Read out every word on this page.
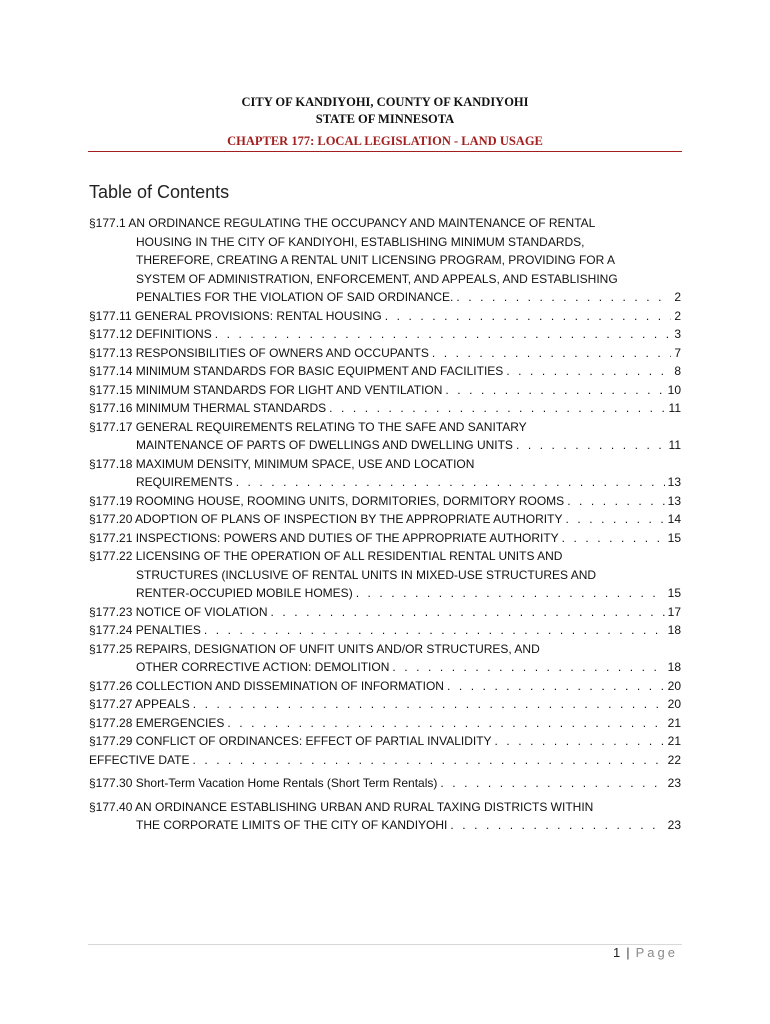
CITY OF KANDIYOHI, COUNTY OF KANDIYOHI
STATE OF MINNESOTA
CHAPTER 177: LOCAL LEGISLATION - LAND USAGE
Table of Contents
§177.1 AN ORDINANCE REGULATING THE OCCUPANCY AND MAINTENANCE OF RENTAL
HOUSING IN THE CITY OF KANDIYOHI, ESTABLISHING MINIMUM STANDARDS,
THEREFORE, CREATING A RENTAL UNIT LICENSING PROGRAM, PROVIDING FOR A
SYSTEM OF ADMINISTRATION, ENFORCEMENT, AND APPEALS, AND ESTABLISHING
PENALTIES FOR THE VIOLATION OF SAID ORDINANCE. . . .	2
§177.11 GENERAL PROVISIONS: RENTAL HOUSING . . .	2
§177.12 DEFINITIONS . . .	3
§177.13 RESPONSIBILITIES OF OWNERS AND OCCUPANTS . . .	7
§177.14 MINIMUM STANDARDS FOR BASIC EQUIPMENT AND FACILITIES . . .	8
§177.15 MINIMUM STANDARDS FOR LIGHT AND VENTILATION . . .	10
§177.16 MINIMUM THERMAL STANDARDS . . .	11
§177.17 GENERAL REQUIREMENTS RELATING TO THE SAFE AND SANITARY
MAINTENANCE OF PARTS OF DWELLINGS AND DWELLING UNITS . . .	11
§177.18 MAXIMUM DENSITY, MINIMUM SPACE, USE AND LOCATION
REQUIREMENTS . . .	13
§177.19 ROOMING HOUSE, ROOMING UNITS, DORMITORIES, DORMITORY ROOMS . . .	13
§177.20 ADOPTION OF PLANS OF INSPECTION BY THE APPROPRIATE AUTHORITY . . .	14
§177.21 INSPECTIONS: POWERS AND DUTIES OF THE APPROPRIATE AUTHORITY . . .	15
§177.22 LICENSING OF THE OPERATION OF ALL RESIDENTIAL RENTAL UNITS AND
STRUCTURES (INCLUSIVE OF RENTAL UNITS IN MIXED-USE STRUCTURES AND
RENTER-OCCUPIED MOBILE HOMES) . . .	15
§177.23 NOTICE OF VIOLATION . . .	17
§177.24 PENALTIES . . .	18
§177.25 REPAIRS, DESIGNATION OF UNFIT UNITS AND/OR STRUCTURES, AND
OTHER CORRECTIVE ACTION: DEMOLITION . . .	18
§177.26 COLLECTION AND DISSEMINATION OF INFORMATION . . .	20
§177.27 APPEALS . . .	20
§177.28 EMERGENCIES . . .	21
§177.29 CONFLICT OF ORDINANCES: EFFECT OF PARTIAL INVALIDITY . . .	21
EFFECTIVE DATE . . .	22
§177.30 Short-Term Vacation Home Rentals (Short Term Rentals) . . .	23
§177.40 AN ORDINANCE ESTABLISHING URBAN AND RURAL TAXING DISTRICTS WITHIN
THE CORPORATE LIMITS OF THE CITY OF KANDIYOHI . . .	23
1 | Page
